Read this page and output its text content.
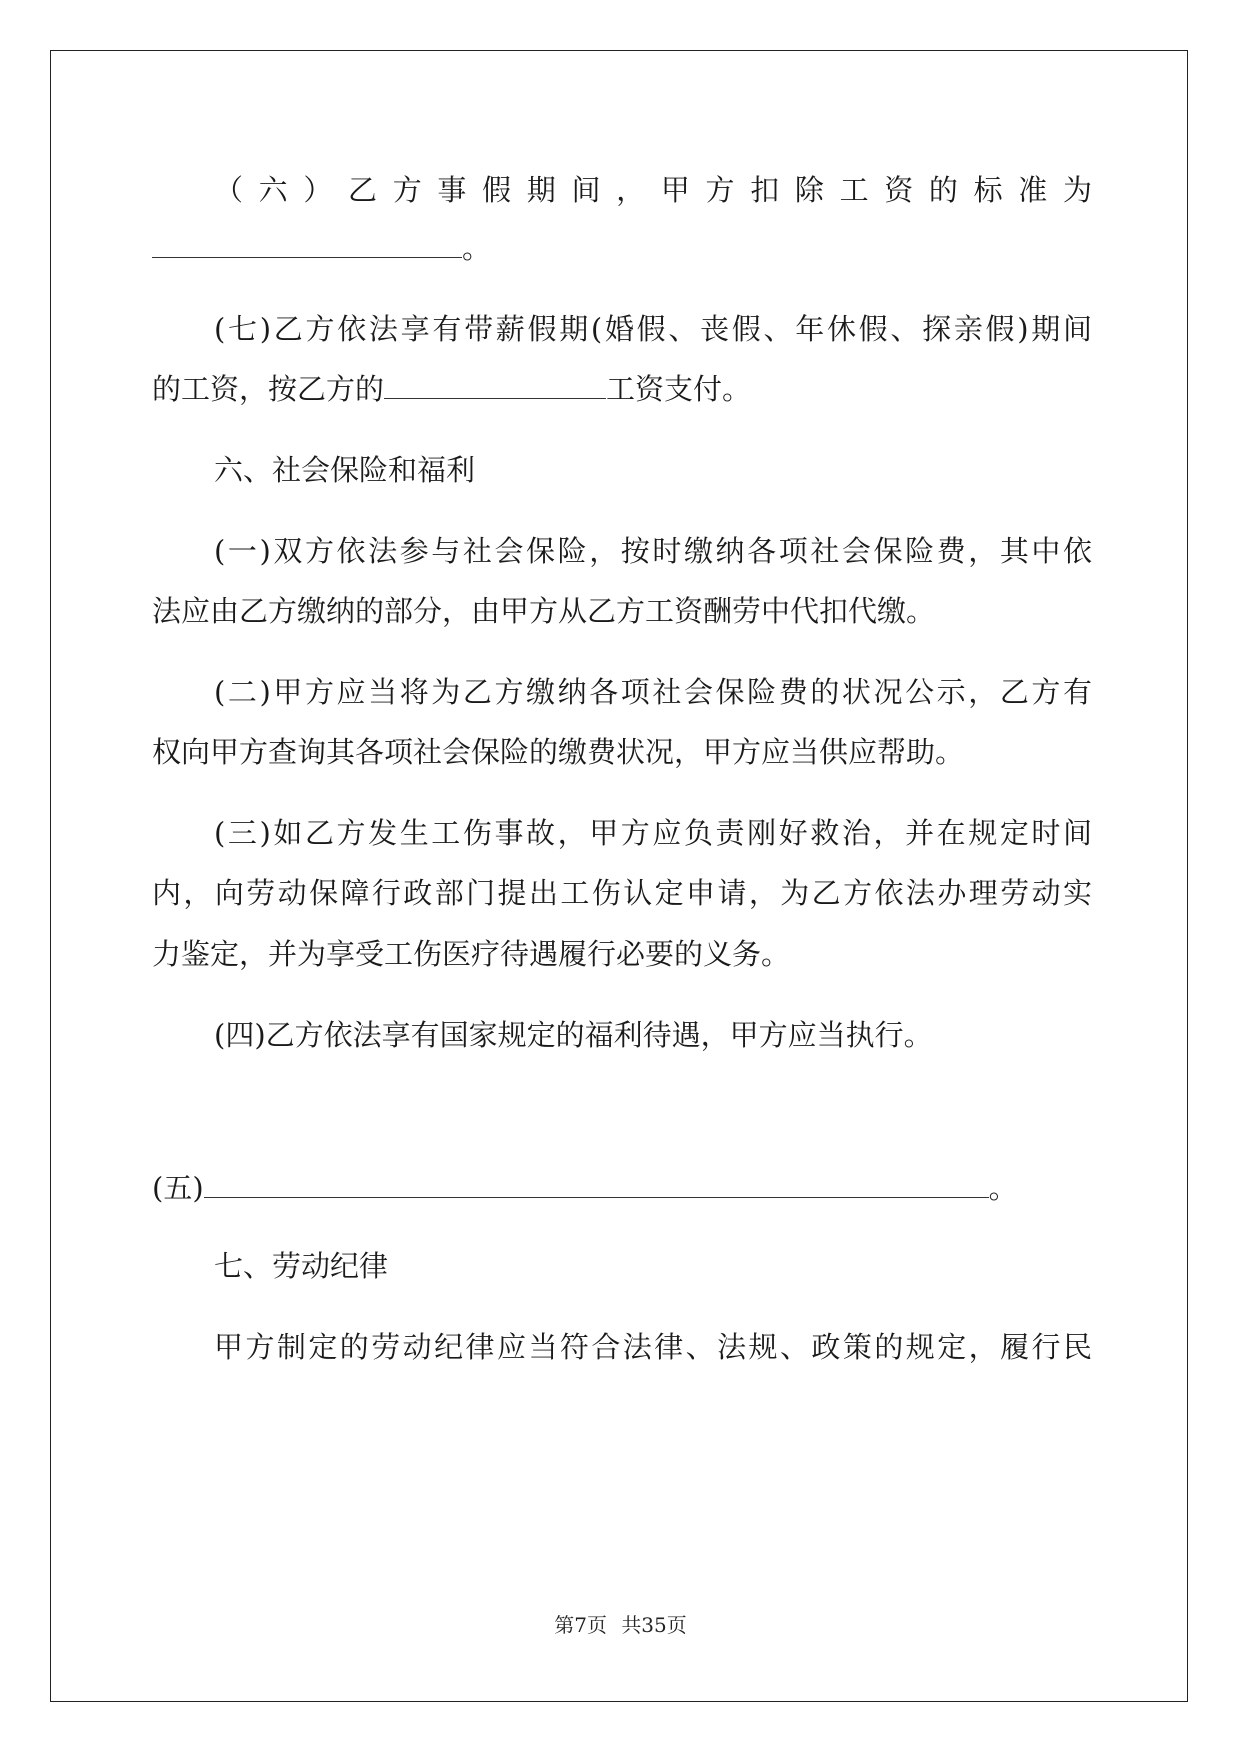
（六）乙方事假期间，甲方扣除工资的标准为
。
(七)乙方依法享有带薪假期(婚假、丧假、年休假、探亲假)期间
的工资，按乙方的	工资支付。
六、社会保险和福利
(一)双方依法参与社会保险，按时缴纳各项社会保险费，其中依
法应由乙方缴纳的部分，由甲方从乙方工资酬劳中代扣代缴。
(二)甲方应当将为乙方缴纳各项社会保险费的状况公示，乙方有
权向甲方查询其各项社会保险的缴费状况，甲方应当供应帮助。
(三)如乙方发生工伤事故，甲方应负责刚好救治，并在规定时间
内，向劳动保障行政部门提出工伤认定申请，为乙方依法办理劳动实
力鉴定，并为享受工伤医疗待遇履行必要的义务。
(四)乙方依法享有国家规定的福利待遇，甲方应当执行。
(五)	。
七、劳动纪律
甲方制定的劳动纪律应当符合法律、法规、政策的规定，履行民
第7页 共35页
